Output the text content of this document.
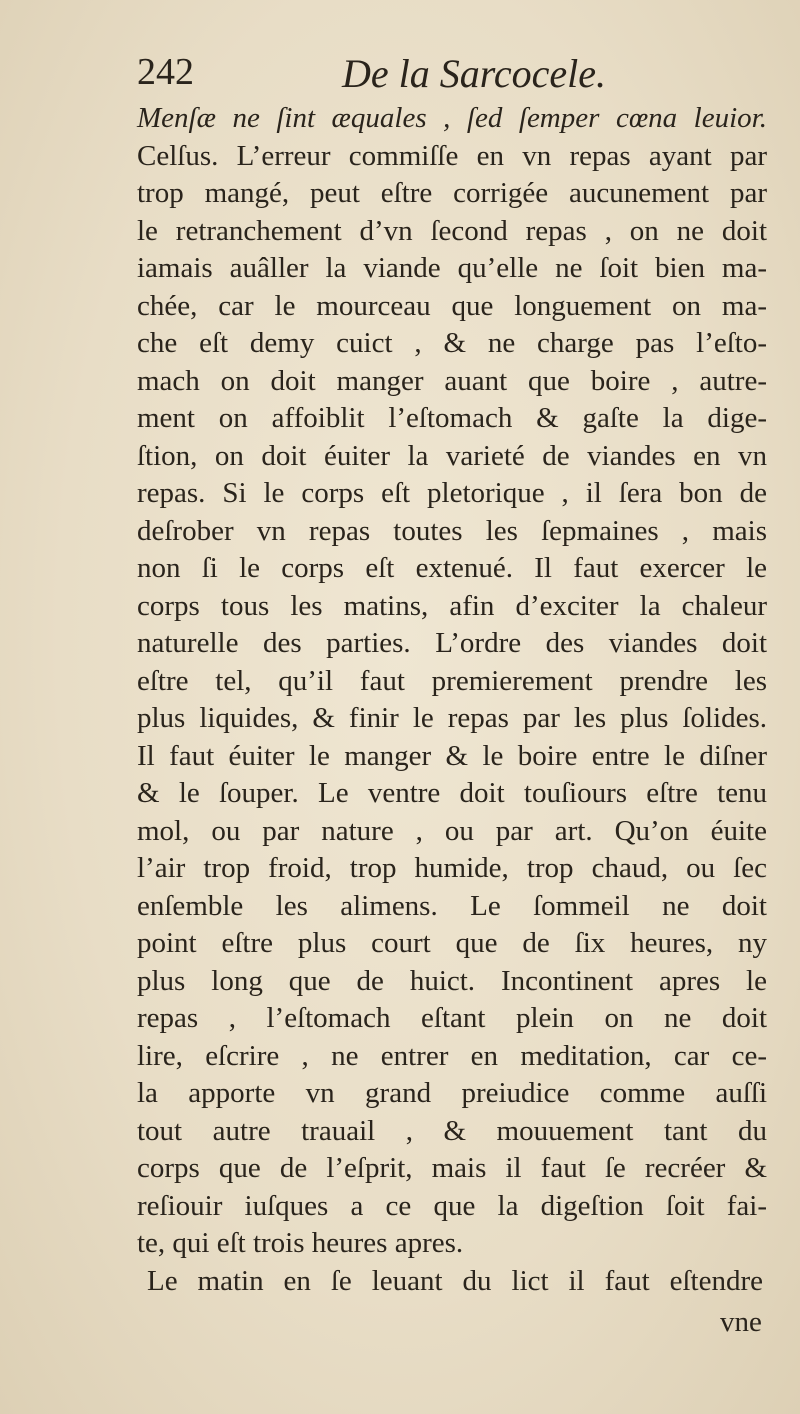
242	De la Sarcocele.
Menſæ ne ſint æquales , ſed ſemper cœna leuior.
Celſus. L’erreur commiſſe en vn repas ayant par
trop mangé, peut eſtre corrigée aucunement par
le retranchement d’vn ſecond repas , on ne doit
iamais auâller la viande qu’elle ne ſoit bien ma-
chée, car le mourceau que longuement on ma-
che eſt demy cuict , & ne charge pas l’eſto-
mach on doit manger auant que boire , autre-
ment on affoiblit l’eſtomach & gaſte la dige-
ſtion, on doit éuiter la varieté de viandes en vn
repas. Si le corps eſt pletorique , il ſera bon de
deſrober vn repas toutes les ſepmaines , mais
non ſi le corps eſt extenué. Il faut exercer le
corps tous les matins, afin d’exciter la chaleur
naturelle des parties. L’ordre des viandes doit
eſtre tel, qu’il faut premierement prendre les
plus liquides, & finir le repas par les plus ſolides.
Il faut éuiter le manger & le boire entre le diſner
& le ſouper. Le ventre doit touſiours eſtre tenu
mol, ou par nature , ou par art. Qu’on éuite
l’air trop froid, trop humide, trop chaud, ou ſec
enſemble les alimens. Le ſommeil ne doit
point eſtre plus court que de ſix heures, ny
plus long que de huict. Incontinent apres le
repas , l’eſtomach eſtant plein on ne doit
lire, eſcrire , ne entrer en meditation, car ce-
la apporte vn grand preiudice comme auſſi
tout autre trauail , & mouuement tant du
corps que de l’eſprit, mais il faut ſe recréer &
reſiouir iuſques a ce que la digeſtion ſoit fai-
te, qui eſt trois heures apres.
Le matin en ſe leuant du lict il faut eſtendre
vne
